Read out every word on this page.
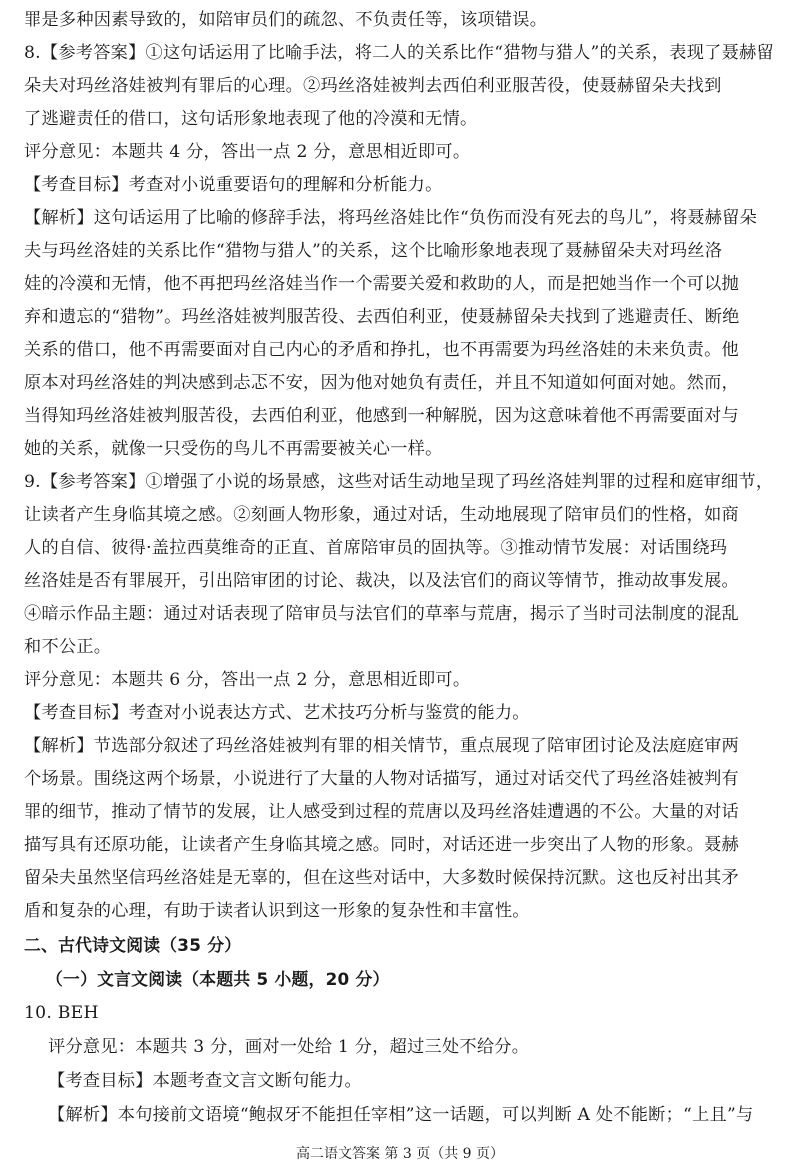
罪是多种因素导致的，如陪审员们的疏忽、不负责任等，该项错误。
8.【参考答案】①这句话运用了比喻手法，将二人的关系比作“猎物与猎人”的关系，表现了聂赫留
朵夫对玛丝洛娃被判有罪后的心理。②玛丝洛娃被判去西伯利亚服苦役，使聂赫留朵夫找到
了逃避责任的借口，这句话形象地表现了他的冷漠和无情。
评分意见：本题共 4 分，答出一点 2 分，意思相近即可。
【考查目标】考查对小说重要语句的理解和分析能力。
【解析】这句话运用了比喻的修辞手法，将玛丝洛娃比作“负伤而没有死去的鸟儿”，将聂赫留朵
夫与玛丝洛娃的关系比作“猎物与猎人”的关系，这个比喻形象地表现了聂赫留朵夫对玛丝洛
娃的冷漠和无情，他不再把玛丝洛娃当作一个需要关爱和救助的人，而是把她当作一个可以抛
弃和遗忘的“猎物”。玛丝洛娃被判服苦役、去西伯利亚，使聂赫留朵夫找到了逃避责任、断绝
关系的借口，他不再需要面对自己内心的矛盾和挣扎，也不再需要为玛丝洛娃的未来负责。他
原本对玛丝洛娃的判决感到忐忑不安，因为他对她负有责任，并且不知道如何面对她。然而，
当得知玛丝洛娃被判服苦役，去西伯利亚，他感到一种解脱，因为这意味着他不再需要面对与
她的关系，就像一只受伤的鸟儿不再需要被关心一样。
9.【参考答案】①增强了小说的场景感，这些对话生动地呈现了玛丝洛娃判罪的过程和庭审细节，
让读者产生身临其境之感。②刻画人物形象，通过对话，生动地展现了陪审员们的性格，如商
人的自信、彼得·盖拉西莫维奇的正直、首席陪审员的固执等。③推动情节发展：对话围绕玛
丝洛娃是否有罪展开，引出陪审团的讨论、裁决，以及法官们的商议等情节，推动故事发展。
④暗示作品主题：通过对话表现了陪审员与法官们的草率与荒唐，揭示了当时司法制度的混乱
和不公正。
评分意见：本题共 6 分，答出一点 2 分，意思相近即可。
【考查目标】考查对小说表达方式、艺术技巧分析与鉴赏的能力。
【解析】节选部分叙述了玛丝洛娃被判有罪的相关情节，重点展现了陪审团讨论及法庭庭审两
个场景。围绕这两个场景，小说进行了大量的人物对话描写，通过对话交代了玛丝洛娃被判有
罪的细节，推动了情节的发展，让人感受到过程的荒唐以及玛丝洛娃遭遇的不公。大量的对话
描写具有还原功能，让读者产生身临其境之感。同时，对话还进一步突出了人物的形象。聂赫
留朵夫虽然坚信玛丝洛娃是无辜的，但在这些对话中，大多数时候保持沉默。这也反衬出其矛
盾和复杂的心理，有助于读者认识到这一形象的复杂性和丰富性。
二、古代诗文阅读（35 分）
（一）文言文阅读（本题共 5 小题，20 分）
10. BEH
评分意见：本题共 3 分，画对一处给 1 分，超过三处不给分。
【考查目标】本题考查文言文断句能力。
【解析】本句接前文语境“鲍叔牙不能担任宰相”这一话题，可以判断 A 处不能断；“上且”与
高二语文答案 第 3 页（共 9 页）
